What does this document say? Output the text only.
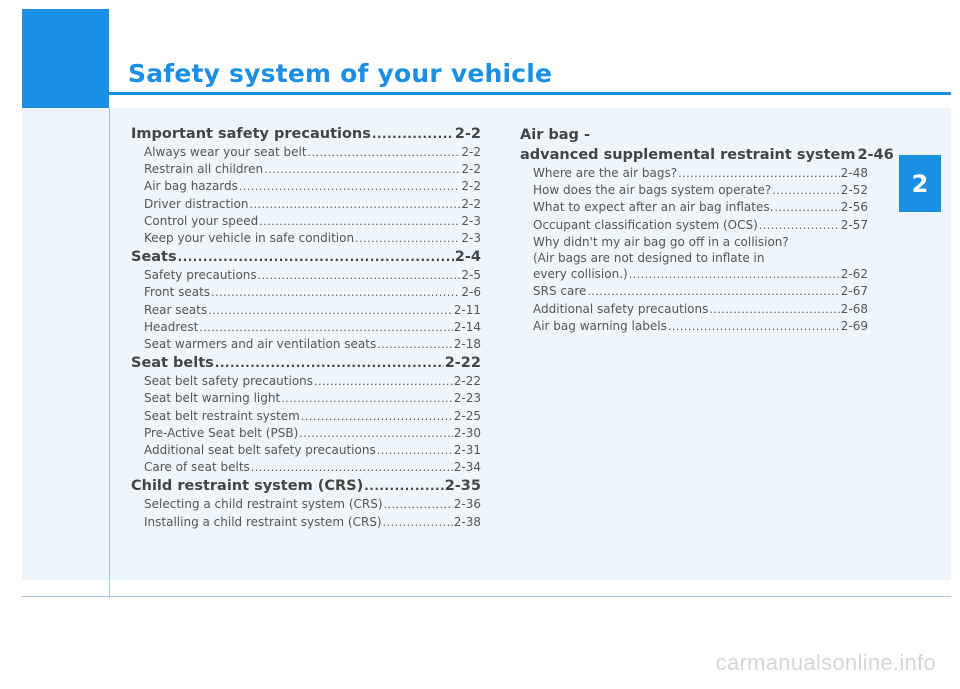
Safety system of your vehicle
2
Important safety precautions .....	2-2
Always wear your seat belt .....	2-2
Restrain all children .....	2-2
Air bag hazards .....	2-2
Driver distraction .....	2-2
Control your speed .....	2-3
Keep your vehicle in safe condition .....	2-3
Seats .....	2-4
Safety precautions .....	2-5
Front seats .....	2-6
Rear seats .....	2-11
Headrest .....	2-14
Seat warmers and air ventilation seats .....	2-18
Seat belts .....	2-22
Seat belt safety precautions .....	2-22
Seat belt warning light .....	2-23
Seat belt restraint system .....	2-25
Pre-Active Seat belt (PSB) .....	2-30
Additional seat belt safety precautions .....	2-31
Care of seat belts .....	2-34
Child restraint system (CRS) .....	2-35
Selecting a child restraint system (CRS) .....	2-36
Installing a child restraint system (CRS) .....	2-38
Air bag -
advanced supplemental restraint system 2-46
Where are the air bags? .....	2-48
How does the air bags system operate? .....	2-52
What to expect after an air bag inflates. .....	2-56
Occupant classification system (OCS) .....	2-57
Why didn't my air bag go off in a collision?
(Air bags are not designed to inflate in
every collision.) .....	2-62
SRS care .....	2-67
Additional safety precautions .....	2-68
Air bag warning labels .....	2-69
carmanualsonline.info
